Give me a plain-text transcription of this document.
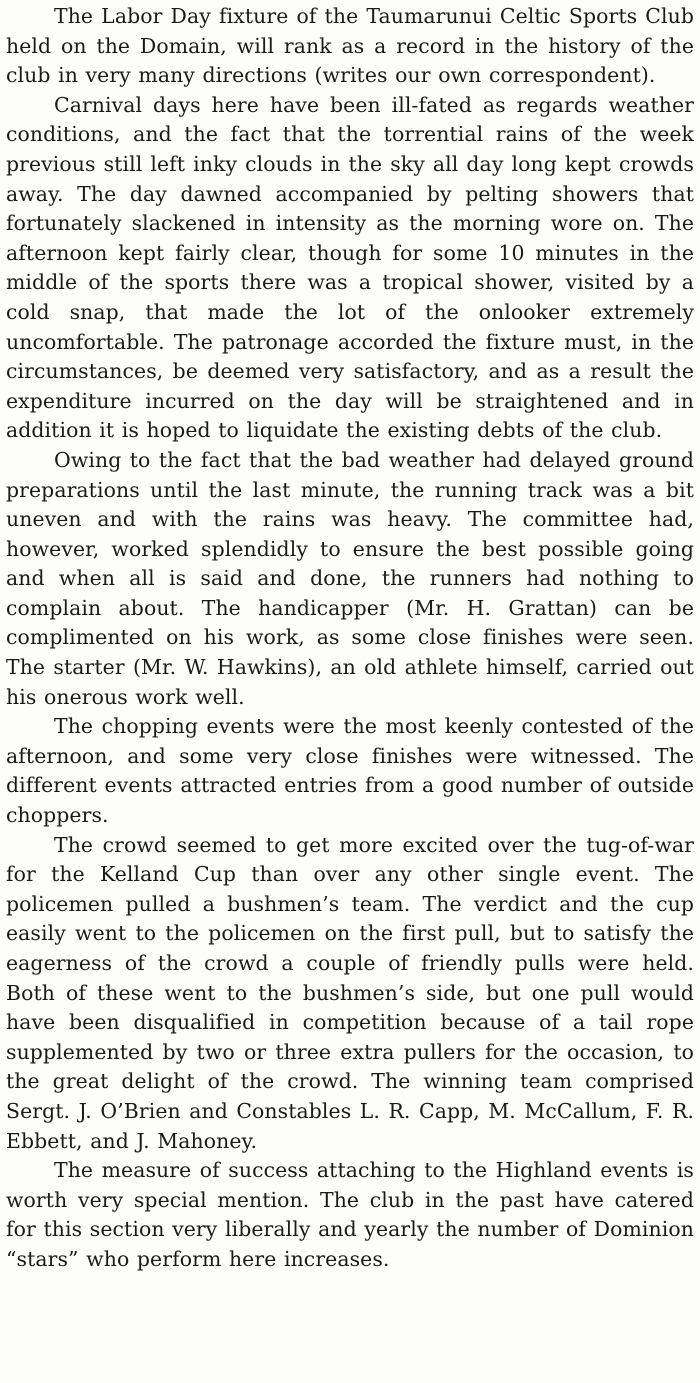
The Labor Day fixture of the Taumarunui Celtic Sports Club held on the Domain, will rank as a record in the history of the club in very many directions (writes our own correspondent).

Carnival days here have been ill-fated as regards weather conditions, and the fact that the torrential rains of the week previous still left inky clouds in the sky all day long kept crowds away. The day dawned accompanied by pelting showers that fortunately slackened in intensity as the morning wore on. The afternoon kept fairly clear, though for some 10 minutes in the middle of the sports there was a tropical shower, visited by a cold snap, that made the lot of the onlooker extremely uncomfortable. The patronage accorded the fixture must, in the circumstances, be deemed very satisfactory, and as a result the expenditure incurred on the day will be straightened and in addition it is hoped to liquidate the existing debts of the club.

Owing to the fact that the bad weather had delayed ground preparations until the last minute, the running track was a bit uneven and with the rains was heavy. The committee had, however, worked splendidly to ensure the best possible going and when all is said and done, the runners had nothing to complain about. The handicapper (Mr. H. Grattan) can be complimented on his work, as some close finishes were seen. The starter (Mr. W. Hawkins), an old athlete himself, carried out his onerous work well.

The chopping events were the most keenly contested of the afternoon, and some very close finishes were witnessed. The different events attracted entries from a good number of outside choppers.

The crowd seemed to get more excited over the tug-of-war for the Kelland Cup than over any other single event. The policemen pulled a bushmen’s team. The verdict and the cup easily went to the policemen on the first pull, but to satisfy the eagerness of the crowd a couple of friendly pulls were held. Both of these went to the bushmen’s side, but one pull would have been disqualified in competition because of a tail rope supplemented by two or three extra pullers for the occasion, to the great delight of the crowd. The winning team comprised Sergt. J. O’Brien and Constables L. R. Capp, M. McCallum, F. R. Ebbett, and J. Mahoney.

The measure of success attaching to the Highland events is worth very special mention. The club in the past have catered for this section very liberally and yearly the number of Dominion “stars” who perform here increases.
